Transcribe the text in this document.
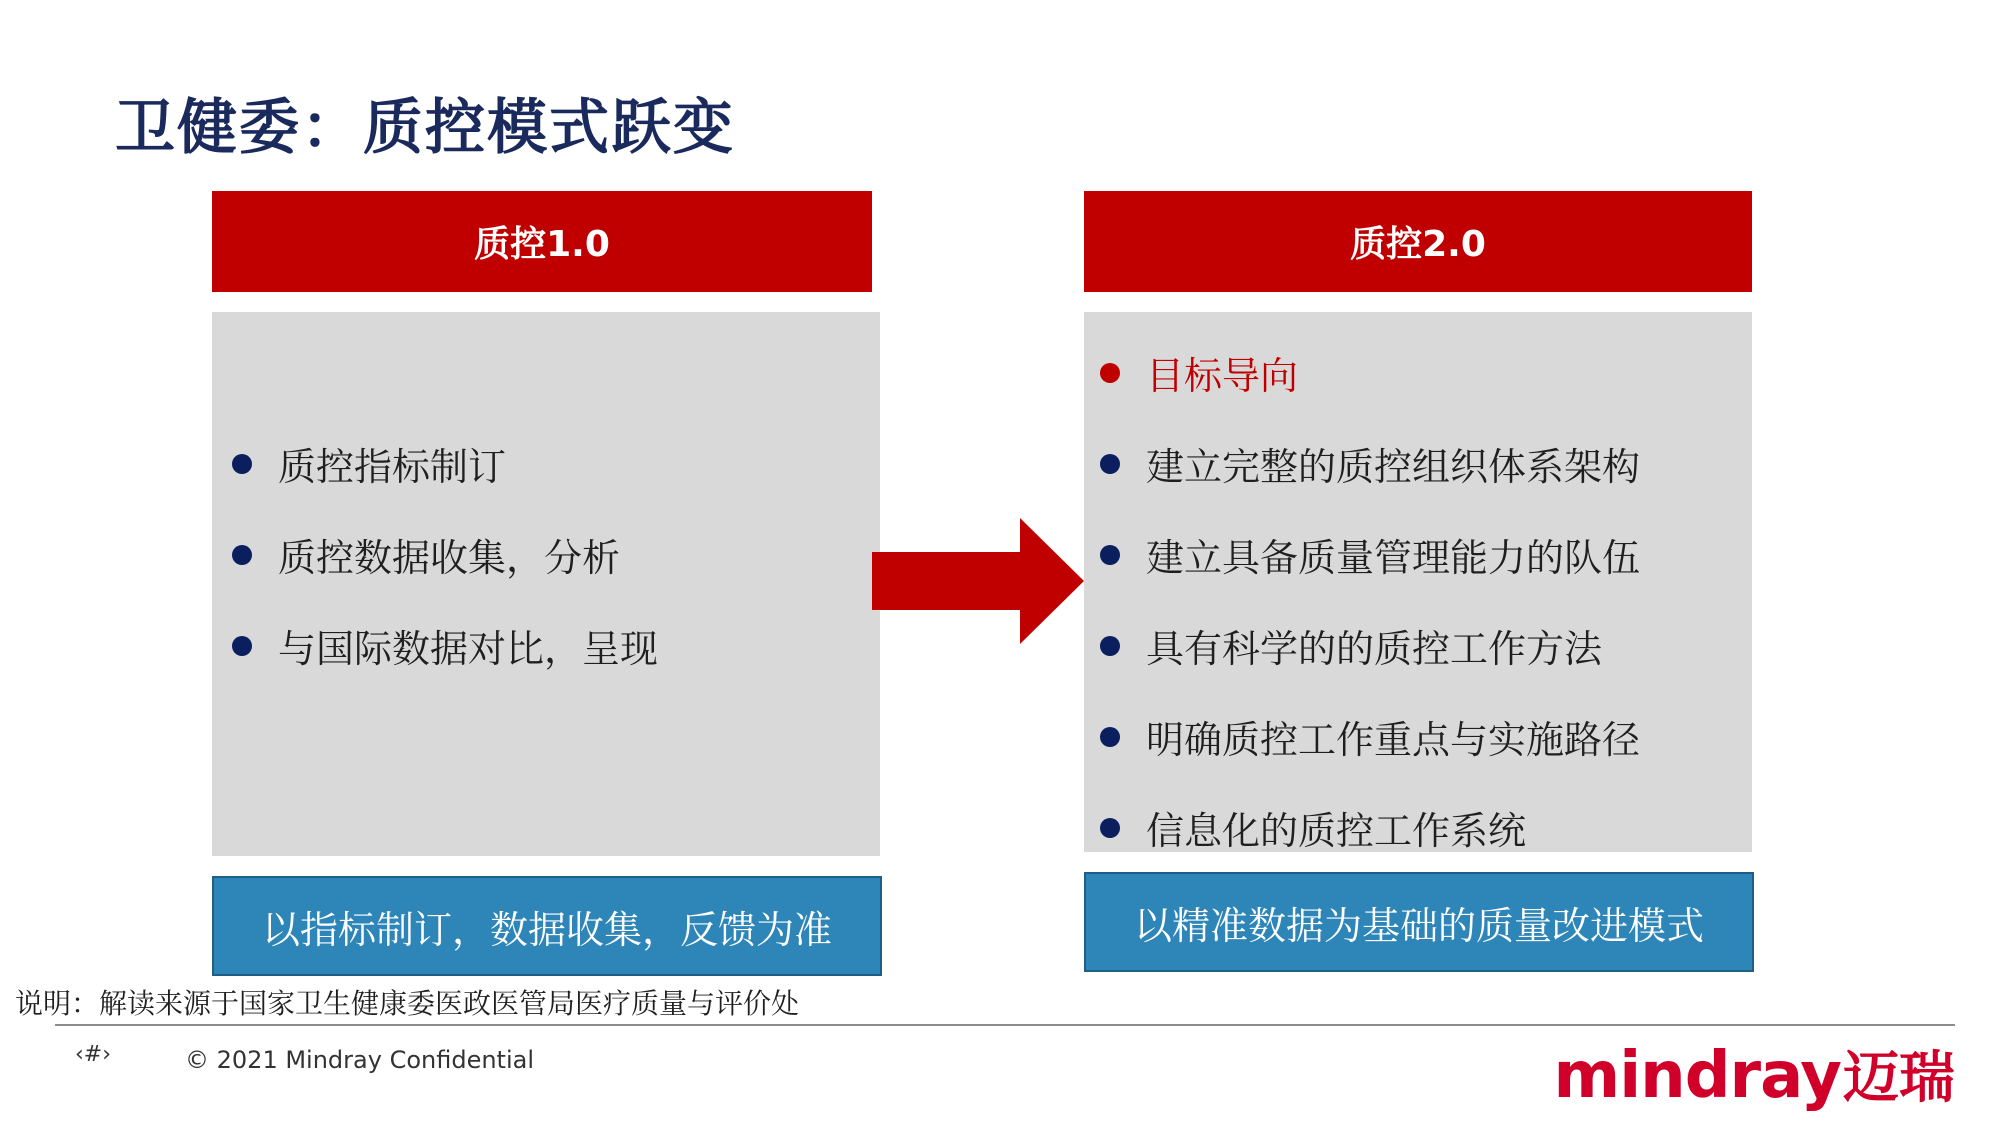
卫健委：质控模式跃变
质控1.0
质控指标制订
质控数据收集，分析
与国际数据对比，呈现
以指标制订，数据收集，反馈为准
质控2.0
目标导向
建立完整的质控组织体系架构
建立具备质量管理能力的队伍
具有科学的的质控工作方法
明确质控工作重点与实施路径
信息化的质控工作系统
以精准数据为基础的质量改进模式
说明：解读来源于国家卫生健康委医政医管局医疗质量与评价处
‹#›	© 2021 Mindray Confidential	mindray 迈瑞
